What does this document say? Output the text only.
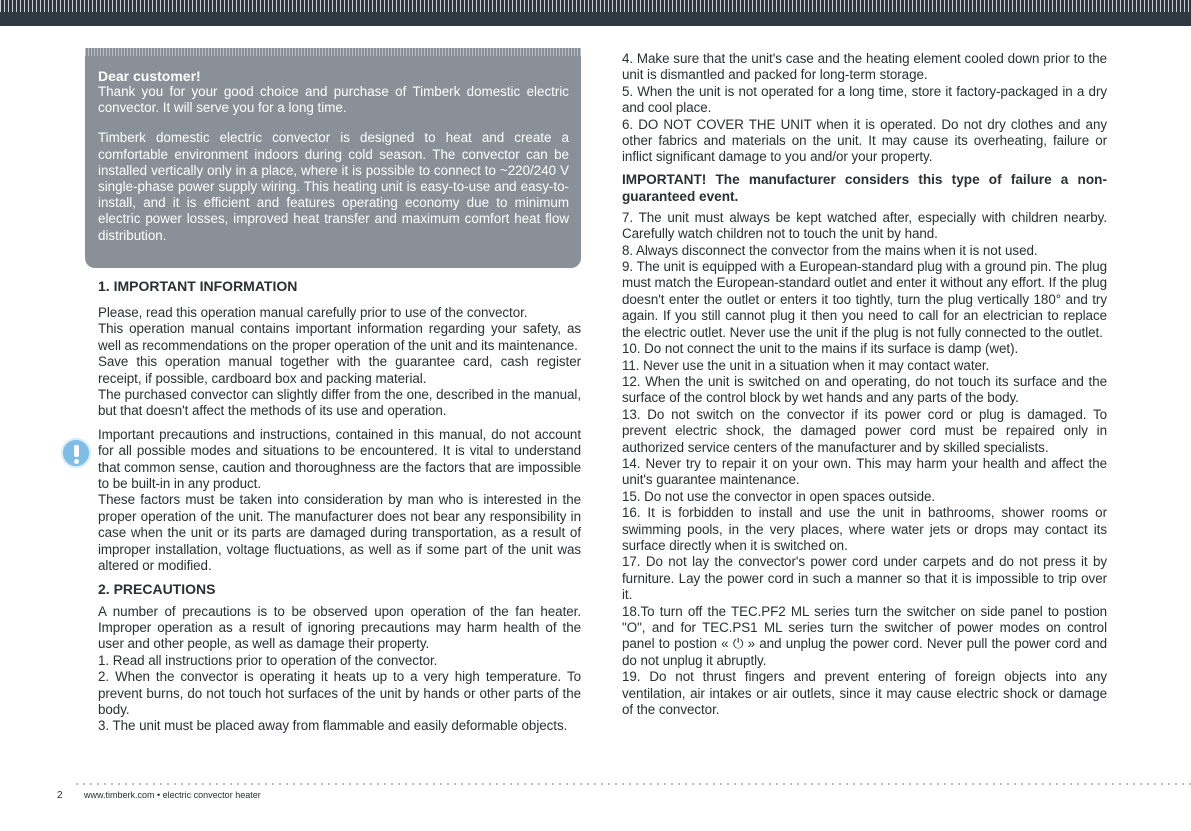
Dear customer!

Thank you for your good choice and purchase of Timberk domestic electric convector. It will serve you for a long time.

Timberk domestic electric convector is designed to heat and create a comfortable environment indoors during cold season. The convector can be installed vertically only in a place, where it is possible to connect to ~220/240 V single-phase power supply wiring. This heating unit is easy-to-use and easy-to-install, and it is efficient and features operating economy due to minimum electric power losses, improved heat transfer and maximum comfort heat flow distribution.

1. IMPORTANT INFORMATION

Please, read this operation manual carefully prior to use of the convector.

This operation manual contains important information regarding your safety, as well as recommendations on the proper operation of the unit and its maintenance.

Save this operation manual together with the guarantee card, cash register receipt, if possible, cardboard box and packing material.

The purchased convector can slightly differ from the one, described in the manual, but that doesn't affect the methods of its use and operation.

Important precautions and instructions, contained in this manual, do not account for all possible modes and situations to be encountered. It is vital to understand that common sense, caution and thoroughness are the factors that are impossible to be built-in in any product.

These factors must be taken into consideration by man who is interested in the proper operation of the unit. The manufacturer does not bear any responsibility in case when the unit or its parts are damaged during transportation, as a result of improper installation, voltage fluctuations, as well as if some part of the unit was altered or modified.

2. PRECAUTIONS

A number of precautions is to be observed upon operation of the fan heater. Improper operation as a result of ignoring precautions may harm health of the user and other people, as well as damage their property.

1. Read all instructions prior to operation of the convector.

2. When the convector is operating it heats up to a very high temperature. To prevent burns, do not touch hot surfaces of the unit by hands or other parts of the body.

3. The unit must be placed away from flammable and easily deformable objects.

4. Make sure that the unit's case and the heating element cooled down prior to the unit is dismantled and packed for long-term storage.

5. When the unit is not operated for a long time, store it factory-packaged in a dry and cool place.

6. DO NOT COVER THE UNIT when it is operated. Do not dry clothes and any other fabrics and materials on the unit. It may cause its overheating, failure or inflict significant damage to you and/or your property.

IMPORTANT! The manufacturer considers this type of failure a non-guaranteed event.

7. The unit must always be kept watched after, especially with children nearby. Carefully watch children not to touch the unit by hand.

8. Always disconnect the convector from the mains when it is not used.

9. The unit is equipped with a European-standard plug with a ground pin. The plug must match the European-standard outlet and enter it without any effort. If the plug doesn't enter the outlet or enters it too tightly, turn the plug vertically 180° and try again. If you still cannot plug it then you need to call for an electrician to replace the electric outlet. Never use the unit if the plug is not fully connected to the outlet.

10. Do not connect the unit to the mains if its surface is damp (wet).

11. Never use the unit in a situation when it may contact water.

12. When the unit is switched on and operating, do not touch its surface and the surface of the control block by wet hands and any parts of the body.

13. Do not switch on the convector if its power cord or plug is damaged. To prevent electric shock, the damaged power cord must be repaired only in authorized service centers of the manufacturer and by skilled specialists.

14. Never try to repair it on your own. This may harm your health and affect the unit's guarantee maintenance.

15. Do not use the convector in open spaces outside.

16. It is forbidden to install and use the unit in bathrooms, shower rooms or swimming pools, in the very places, where water jets or drops may contact its surface directly when it is switched on.

17. Do not lay the convector's power cord under carpets and do not press it by furniture. Lay the power cord in such a manner so that it is impossible to trip over it.

18.To turn off the TEC.PF2 ML series turn the switcher on side panel to postion "O", and for TEC.PS1 ML series turn the switcher of power modes on control panel to postion « ⏻ » and unplug the power cord. Never pull the power cord and do not unplug it abruptly.

19. Do not thrust fingers and prevent entering of foreign objects into any ventilation, air intakes or air outlets, since it may cause electric shock or damage of the convector.

2 www.timberk.com • electric convector heater
